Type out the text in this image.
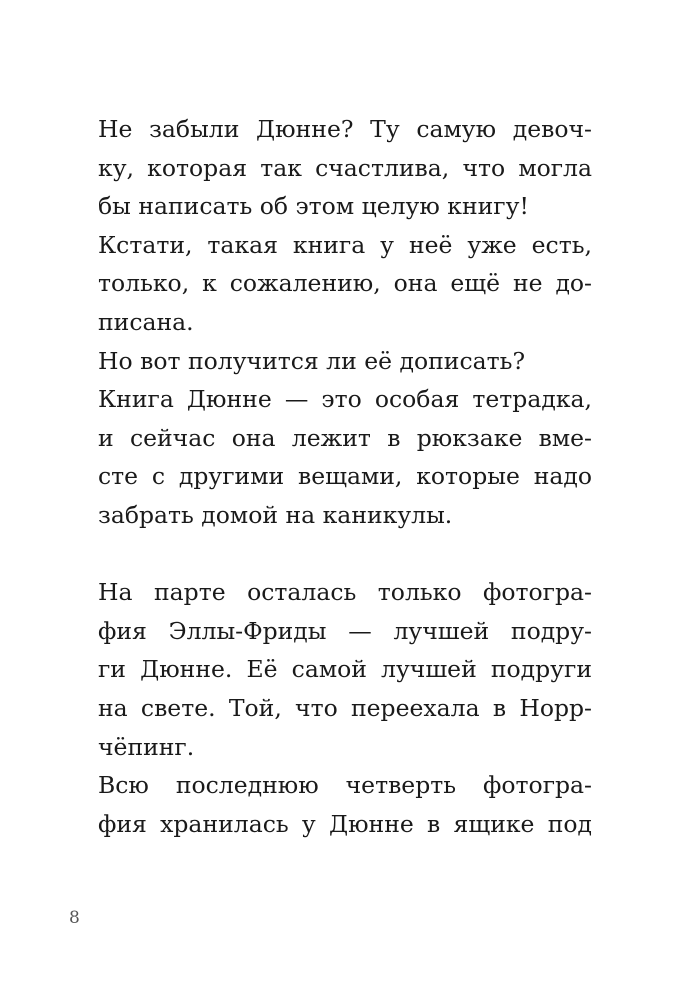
Не забыли Дюнне? Ту самую девоч-
ку, которая так счастлива, что могла
бы написать об этом целую книгу!
Кстати, такая книга у неё уже есть,
только, к сожалению, она ещё не до-
писана.
Но вот получится ли её дописать?
Книга Дюнне — это особая тетрадка,
и сейчас она лежит в рюкзаке вме-
сте с другими вещами, которые надо
забрать домой на каникулы.
На парте осталась только фотогра-
фия Эллы-Фриды — лучшей подру-
ги Дюнне. Её самой лучшей подруги
на свете. Той, что переехала в Норр-
чёпинг.
Всю последнюю четверть фотогра-
фия хранилась у Дюнне в ящике под
8
